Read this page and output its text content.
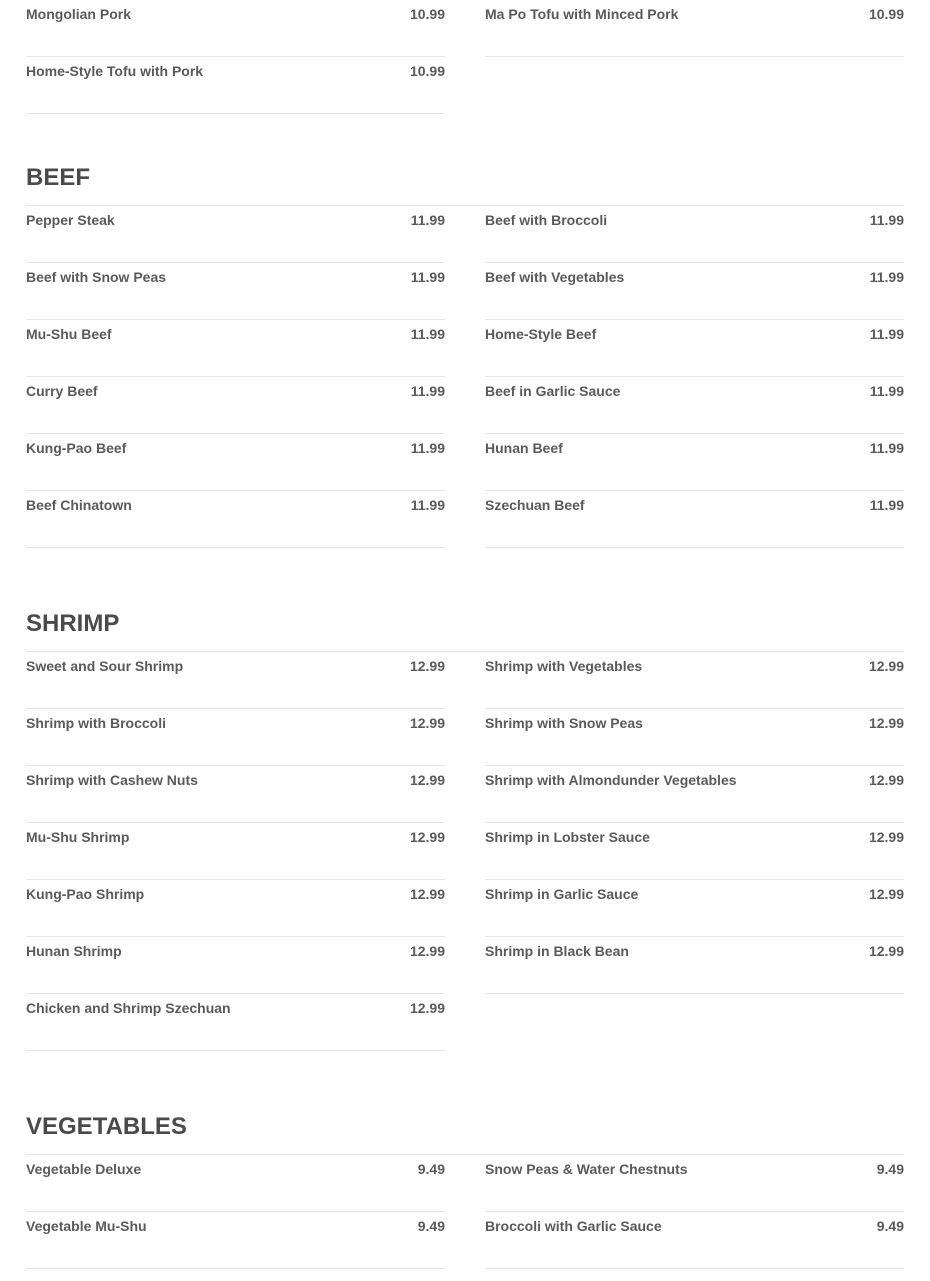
Mongolian Pork	10.99
Home-Style Tofu with Pork	10.99
Ma Po Tofu with Minced Pork	10.99
BEEF
Pepper Steak	11.99
Beef with Snow Peas	11.99
Mu-Shu Beef	11.99
Curry Beef	11.99
Kung-Pao Beef	11.99
Beef Chinatown	11.99
Beef with Broccoli	11.99
Beef with Vegetables	11.99
Home-Style Beef	11.99
Beef in Garlic Sauce	11.99
Hunan Beef	11.99
Szechuan Beef	11.99
SHRIMP
Sweet and Sour Shrimp	12.99
Shrimp with Broccoli	12.99
Shrimp with Cashew Nuts	12.99
Mu-Shu Shrimp	12.99
Kung-Pao Shrimp	12.99
Hunan Shrimp	12.99
Chicken and Shrimp Szechuan	12.99
Shrimp with Vegetables	12.99
Shrimp with Snow Peas	12.99
Shrimp with Almondunder Vegetables	12.99
Shrimp in Lobster Sauce	12.99
Shrimp in Garlic Sauce	12.99
Shrimp in Black Bean	12.99
VEGETABLES
Vegetable Deluxe	9.49
Vegetable Mu-Shu	9.49
Snow Peas & Water Chestnuts	9.49
Broccoli with Garlic Sauce	9.49
